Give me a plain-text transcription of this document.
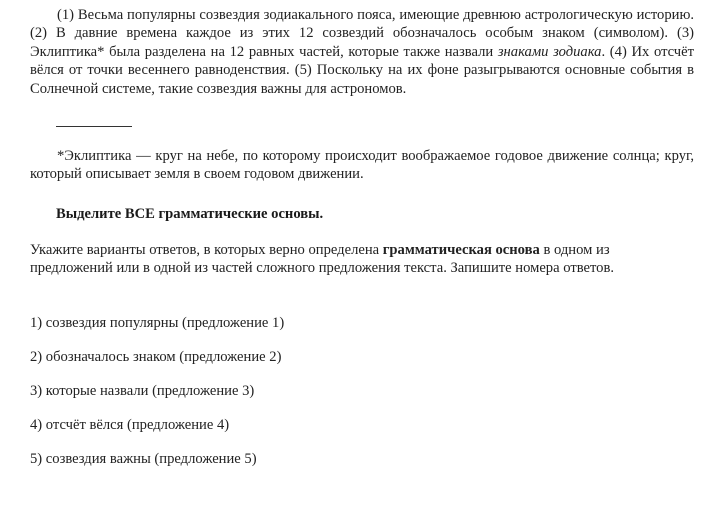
(1) Весьма популярны созвездия зодиакального пояса, имеющие древнюю астрологическую историю. (2) В давние времена каждое из этих 12 созвездий обозначалось особым знаком (символом). (3) Эклиптика* была разделена на 12 равных частей, которые также назвали знаками зодиака. (4) Их отсчёт вёлся от точки весеннего равноденствия. (5) Поскольку на их фоне разыгрываются основные события в Солнечной системе, такие созвездия важны для астрономов.

*Эклиптика — круг на небе, по которому происходит воображаемое годовое движение солнца; круг, который описывает земля в своем годовом движении.

Выделите ВСЕ грамматические основы.

Укажите варианты ответов, в которых верно определена грамматическая основа в одном из предложений или в одной из частей сложного предложения текста. Запишите номера ответов.

1) созвездия популярны (предложение 1)
2) обозначалось знаком (предложение 2)
3) которые назвали (предложение 3)
4) отсчёт вёлся (предложение 4)
5) созвездия важны (предложение 5)
